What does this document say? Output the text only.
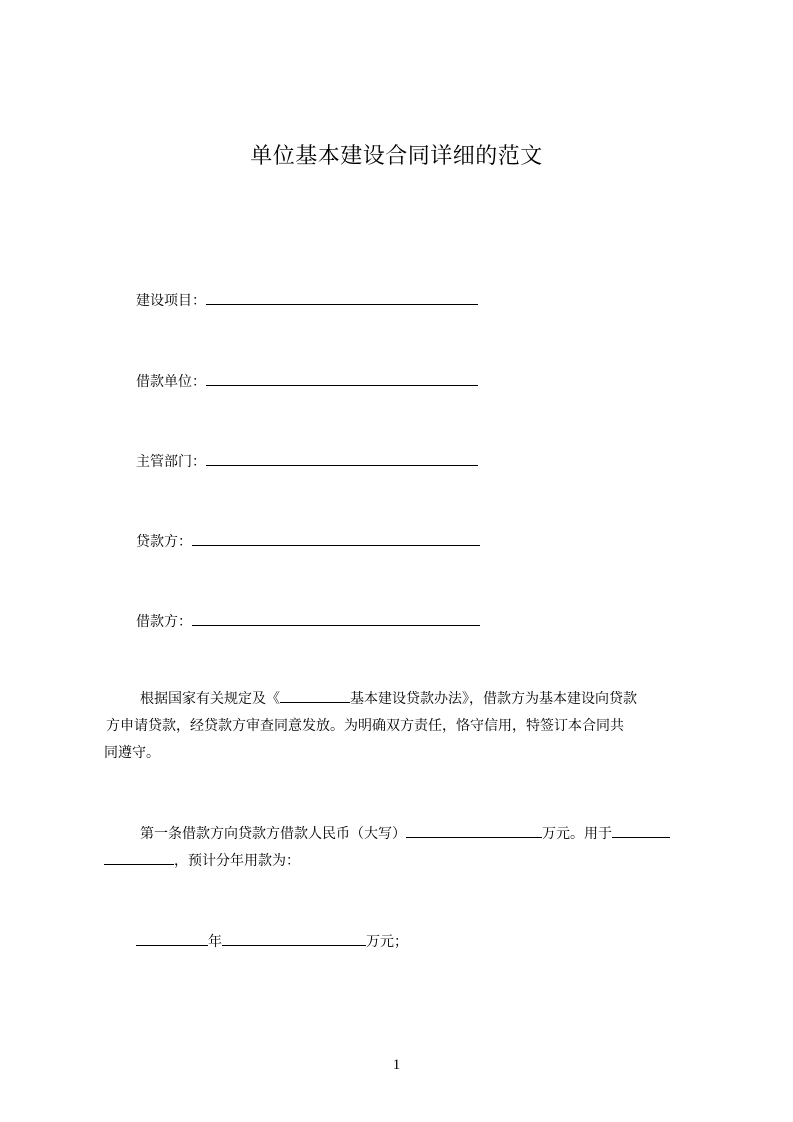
单位基本建设合同详细的范文
建设项目：
借款单位：
主管部门：
贷款方：
借款方：
根据国家有关规定及《	基本建设贷款办法》，借款方为基本建设向贷款
方申请贷款，经贷款方审查同意发放。为明确双方责任，恪守信用，特签订本合同共
同遵守。
第一条借款方向贷款方借款人民币（大写）	万元。用于
，预计分年用款为：
年	万元；
1
